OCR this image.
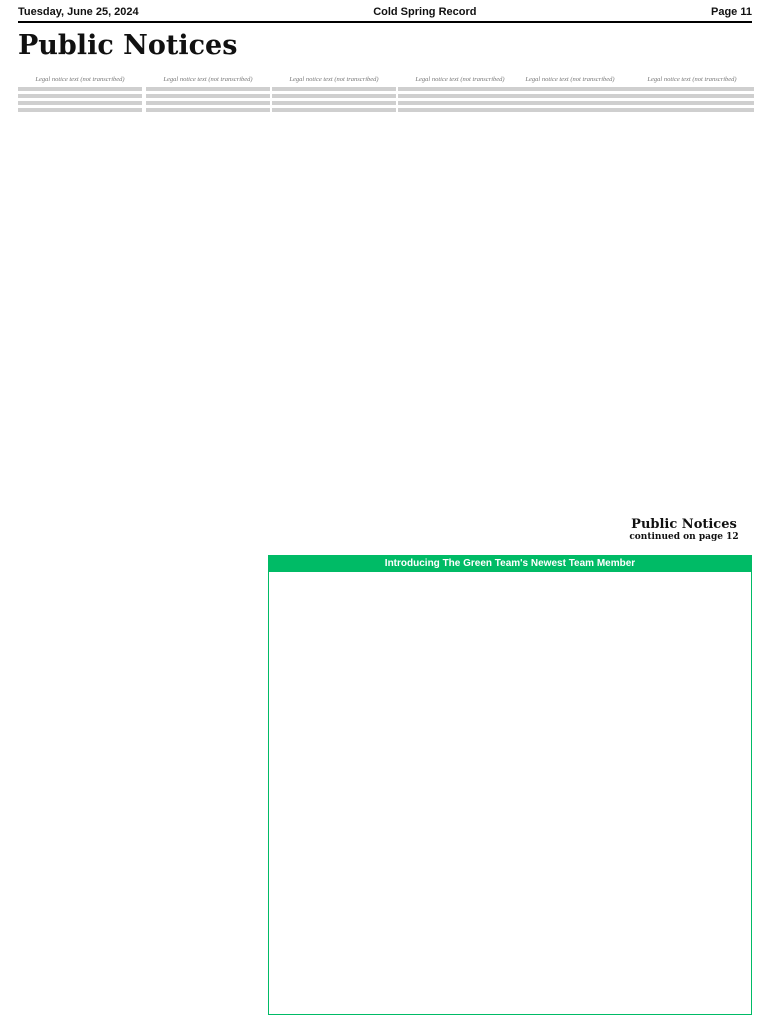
Tuesday, June 25, 2024	Cold Spring Record	Page 11
Public Notices
Legal notice text (not transcribed)	Legal notice text (not transcribed)	Legal notice text (not transcribed)	Legal notice text (not transcribed)	Legal notice text (not transcribed)	Legal notice text (not transcribed)
Public Notices
continued on page 12
Introducing The Green Team's Newest Team Member
